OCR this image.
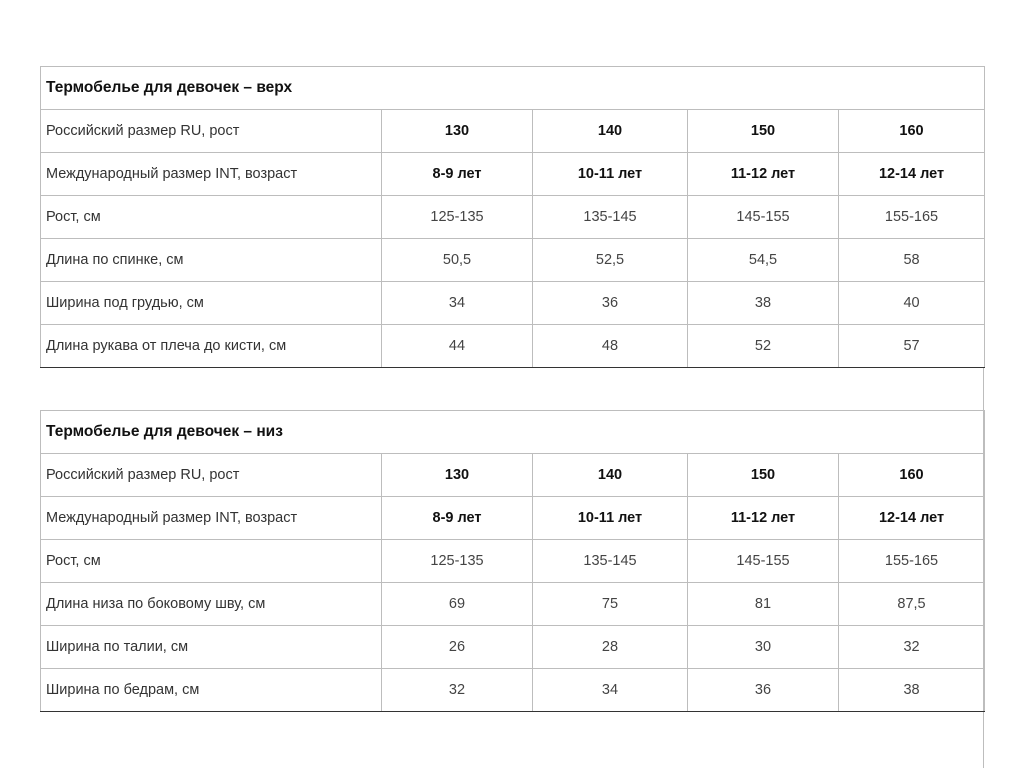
Термобелье для девочек – верх				
Российский размер RU, рост	130	140	150	160
Международный размер INT, возраст	8-9 лет	10-11 лет	11-12 лет	12-14 лет
Рост, см	125-135	135-145	145-155	155-165
Длина по спинке, см	50,5	52,5	54,5	58
Ширина под грудью, см	34	36	38	40
Длина рукава от плеча до кисти, см	44	48	52	57
Термобелье для девочек – низ				
Российский размер RU, рост	130	140	150	160
Международный размер INT, возраст	8-9 лет	10-11 лет	11-12 лет	12-14 лет
Рост, см	125-135	135-145	145-155	155-165
Длина низа по боковому шву, см	69	75	81	87,5
Ширина по талии, см	26	28	30	32
Ширина по бедрам, см	32	34	36	38
